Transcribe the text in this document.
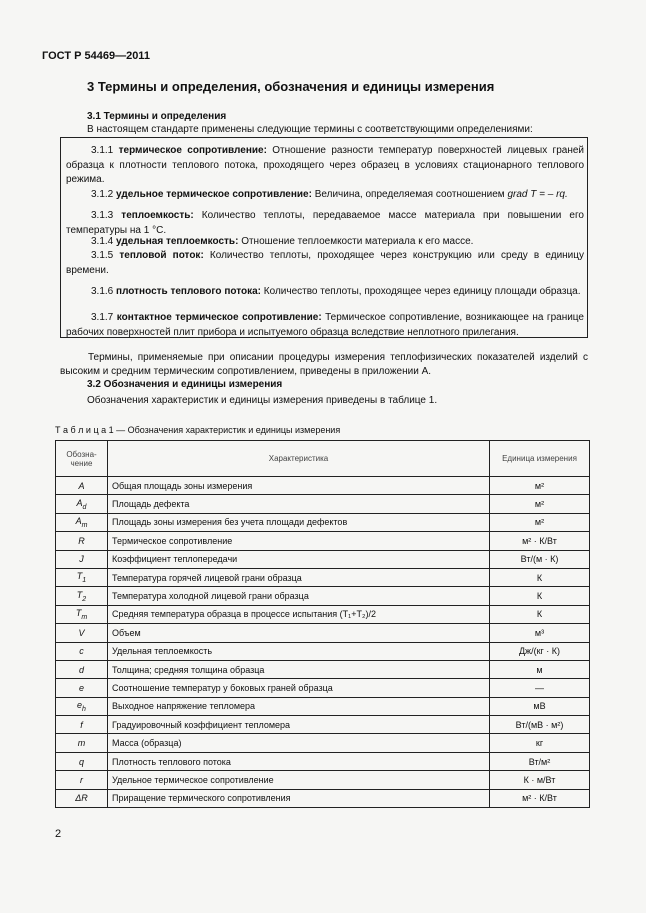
ГОСТ Р 54469—2011
3 Термины и определения, обозначения и единицы измерения
3.1 Термины и определения
В настоящем стандарте применены следующие термины с соответствующими определениями:
3.1.1 термическое сопротивление: Отношение разности температур поверхностей лицевых граней образца к плотности теплового потока, проходящего через образец в условиях стационарного теплового режима.
3.1.2 удельное термическое сопротивление: Величина, определяемая соотношением grad T = – rq.
3.1.3 теплоемкость: Количество теплоты, передаваемое массе материала при повышении его температуры на 1 °С.
3.1.4 удельная теплоемкость: Отношение теплоемкости материала к его массе.
3.1.5 тепловой поток: Количество теплоты, проходящее через конструкцию или среду в единицу времени.
3.1.6 плотность теплового потока: Количество теплоты, проходящее через единицу площади образца.
3.1.7 контактное термическое сопротивление: Термическое сопротивление, возникающее на границе рабочих поверхностей плит прибора и испытуемого образца вследствие неплотного прилегания.
Термины, применяемые при описании процедуры измерения теплофизических показателей изделий с высоким и средним термическим сопротивлением, приведены в приложении А.
3.2 Обозначения и единицы измерения
Обозначения характеристик и единицы измерения приведены в таблице 1.
Т а б л и ц а 1 — Обозначения характеристик и единицы измерения
Обозна-чение	Характеристика	Единица измерения
A	Общая площадь зоны измерения	м²
$A_d$	Площадь дефекта	м²
$A_m$	Площадь зоны измерения без учета площади дефектов	м²
R	Термическое сопротивление	м² · К/Вт
J	Коэффициент теплопередачи	Вт/(м · К)
$T_1$	Температура горячей лицевой грани образца	К
$T_2$	Температура холодной лицевой грани образца	К
$T_m$	Средняя температура образца в процессе испытания (T₁+T₂)/2	К
V	Объем	м³
c	Удельная теплоемкость	Дж/(кг · К)
d	Толщина; средняя толщина образца	м
e	Соотношение температур у боковых граней образца	—
$e_h$	Выходное напряжение тепломера	мВ
f	Градуировочный коэффициент тепломера	Вт/(мВ · м²)
m	Масса (образца)	кг
q	Плотность теплового потока	Вт/м²
r	Удельное термическое сопротивление	К · м/Вт
ΔR	Приращение термического сопротивления	м² · К/Вт
2
